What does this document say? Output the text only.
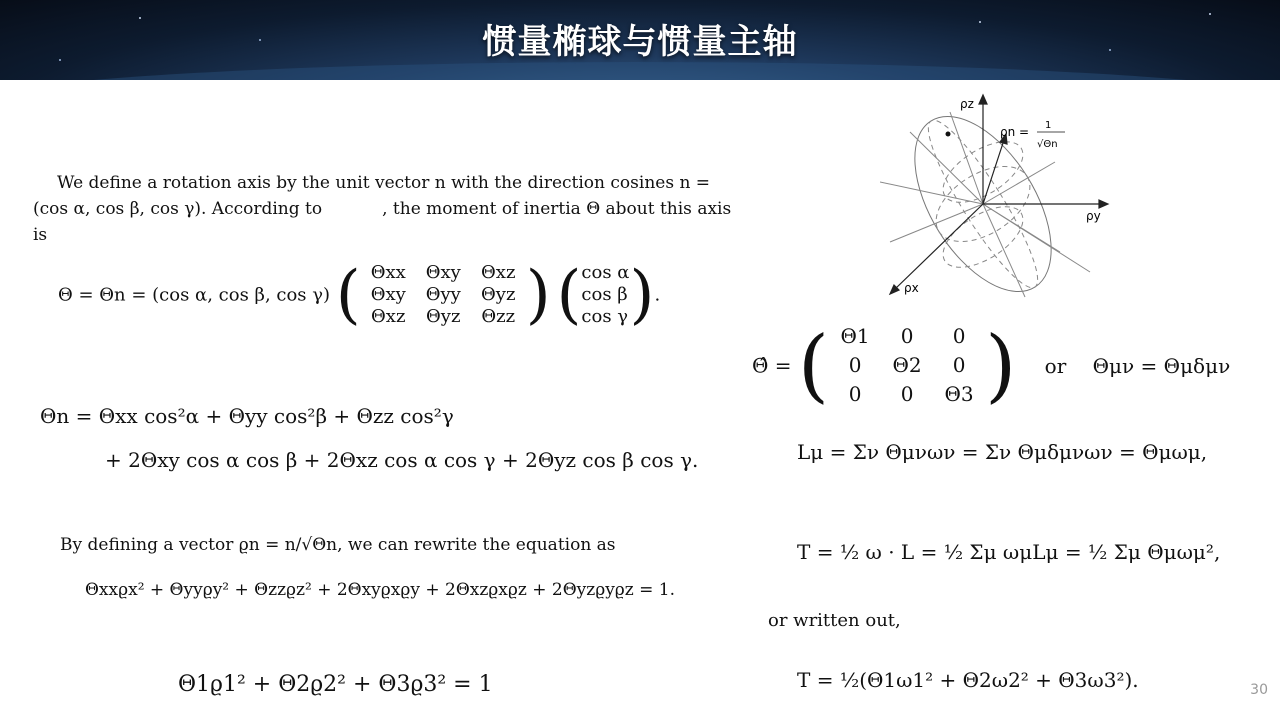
惯量椭球与惯量主轴
We define a rotation axis by the unit vector n with the direction cosines n =
(cos α, cos β, cos γ). According to	, the moment of inertia Θ about this axis
is
Θ = Θn = (cos α, cos β, cos γ) ( Θxx Θxy Θxz
Θxy Θyy Θyz
Θxz Θyz Θzz ) ( cos α
cos β
cos γ ).
Θn = Θxx cos²α + Θyy cos²β + Θzz cos²γ
+ 2Θxy cos α cos β + 2Θxz cos α cos γ + 2Θyz cos β cos γ.
By defining a vector ϱn = n/√Θn, we can rewrite the equation as
Θxxϱx² + Θyyϱy² + Θzzϱz² + 2Θxyϱxϱy + 2Θxzϱxϱz + 2Θyzϱyϱz = 1.
Θ1ϱ1² + Θ2ϱ2² + Θ3ϱ3² = 1
ρz
ρy
ρx
ρn = 1
√Θn
Θ̂ = ( Θ1 0 0
0 Θ2 0
0 0 Θ3 ) or Θμν = Θμδμν
Lμ = Σν Θμνων = Σν Θμδμνων = Θμωμ,
T = ½ ω · L = ½ Σμ ωμLμ = ½ Σμ Θμωμ²,
or written out,
T = ½(Θ1ω1² + Θ2ω2² + Θ3ω3²).	30
